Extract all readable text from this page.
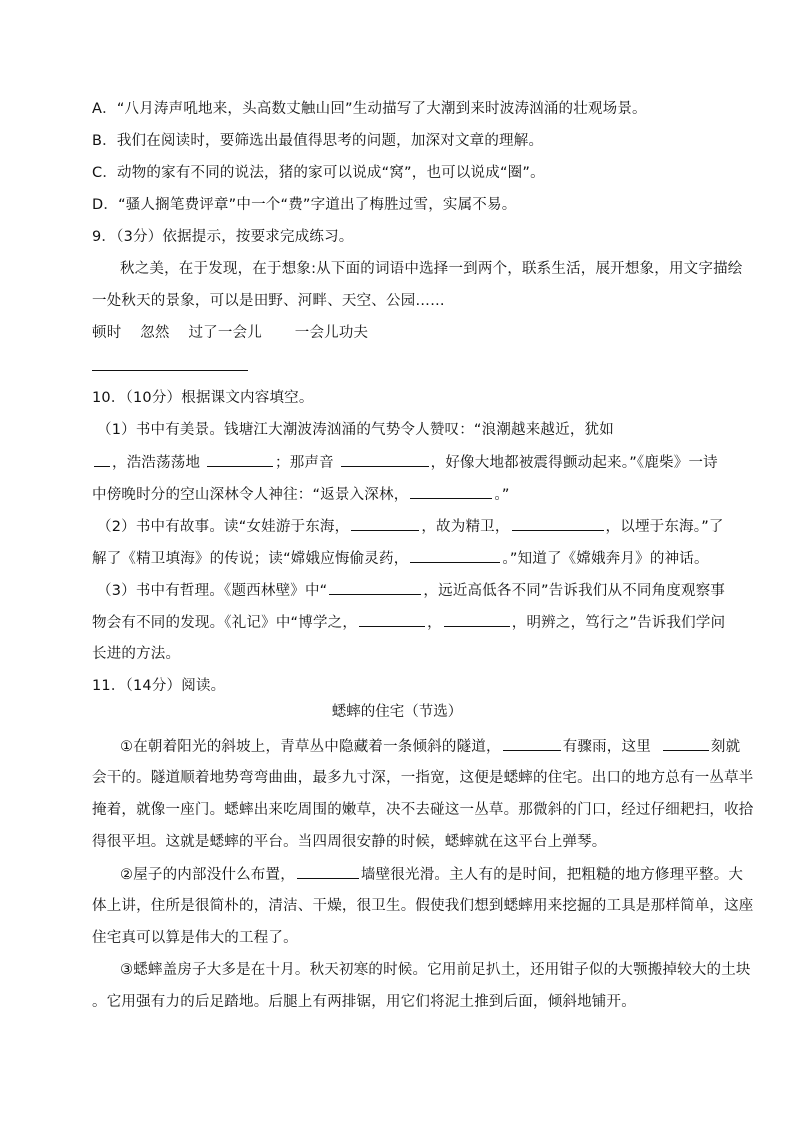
A．“八月涛声吼地来，头高数丈触山回”生动描写了大潮到来时波涛汹涌的壮观场景。
B．我们在阅读时，要筛选出最值得思考的问题，加深对文章的理解。
C．动物的家有不同的说法，猪的家可以说成“窝”，也可以说成“圈”。
D．“骚人搁笔费评章”中一个“费”字道出了梅胜过雪，实属不易。
9．（3分）依据提示，按要求完成练习。
秋之美，在于发现，在于想象:从下面的词语中选择一到两个，联系生活，展开想象，用文字描绘
一处秋天的景象，可以是田野、河畔、天空、公园……
顿时 忽然 过了一会儿 一会儿功夫
10．（10分）根据课文内容填空。
（1）书中有美景。钱塘江大潮波涛汹涌的气势令人赞叹：“浪潮越来越近，犹如
，浩浩荡荡地	；那声音	，好像大地都被震得颤动起来。”《鹿柴》一诗
中傍晚时分的空山深林令人神往：“返景入深林，	。”
（2）书中有故事。读“女娃游于东海，	，故为精卫，	，以堙于东海。”了
解了《精卫填海》的传说；读“嫦娥应悔偷灵药，	。”知道了《嫦娥奔月》的神话。
（3）书中有哲理。《题西林壁》中“	，远近高低各不同”告诉我们从不同角度观察事
物会有不同的发现。《礼记》中“博学之，	，	，明辨之，笃行之”告诉我们学问
长进的方法。
11．（14分）阅读。
蟋蟀的住宅（节选）
①在朝着阳光的斜坡上，青草丛中隐藏着一条倾斜的隧道，	有骤雨，这里	刻就
会干的。隧道顺着地势弯弯曲曲，最多九寸深，一指宽，这便是蟋蟀的住宅。出口的地方总有一丛草半
掩着，就像一座门。蟋蟀出来吃周围的嫩草，决不去碰这一丛草。那微斜的门口，经过仔细耙扫，收拾
得很平坦。这就是蟋蟀的平台。当四周很安静的时候，蟋蟀就在这平台上弹琴。
②屋子的内部没什么布置，	墙壁很光滑。主人有的是时间，把粗糙的地方修理平整。大
体上讲，住所是很简朴的，清洁、干燥，很卫生。假使我们想到蟋蟀用来挖掘的工具是那样简单，这座
住宅真可以算是伟大的工程了。
③蟋蟀盖房子大多是在十月。秋天初寒的时候。它用前足扒土，还用钳子似的大颚搬掉较大的土块
。它用强有力的后足踏地。后腿上有两排锯，用它们将泥土推到后面，倾斜地铺开。
